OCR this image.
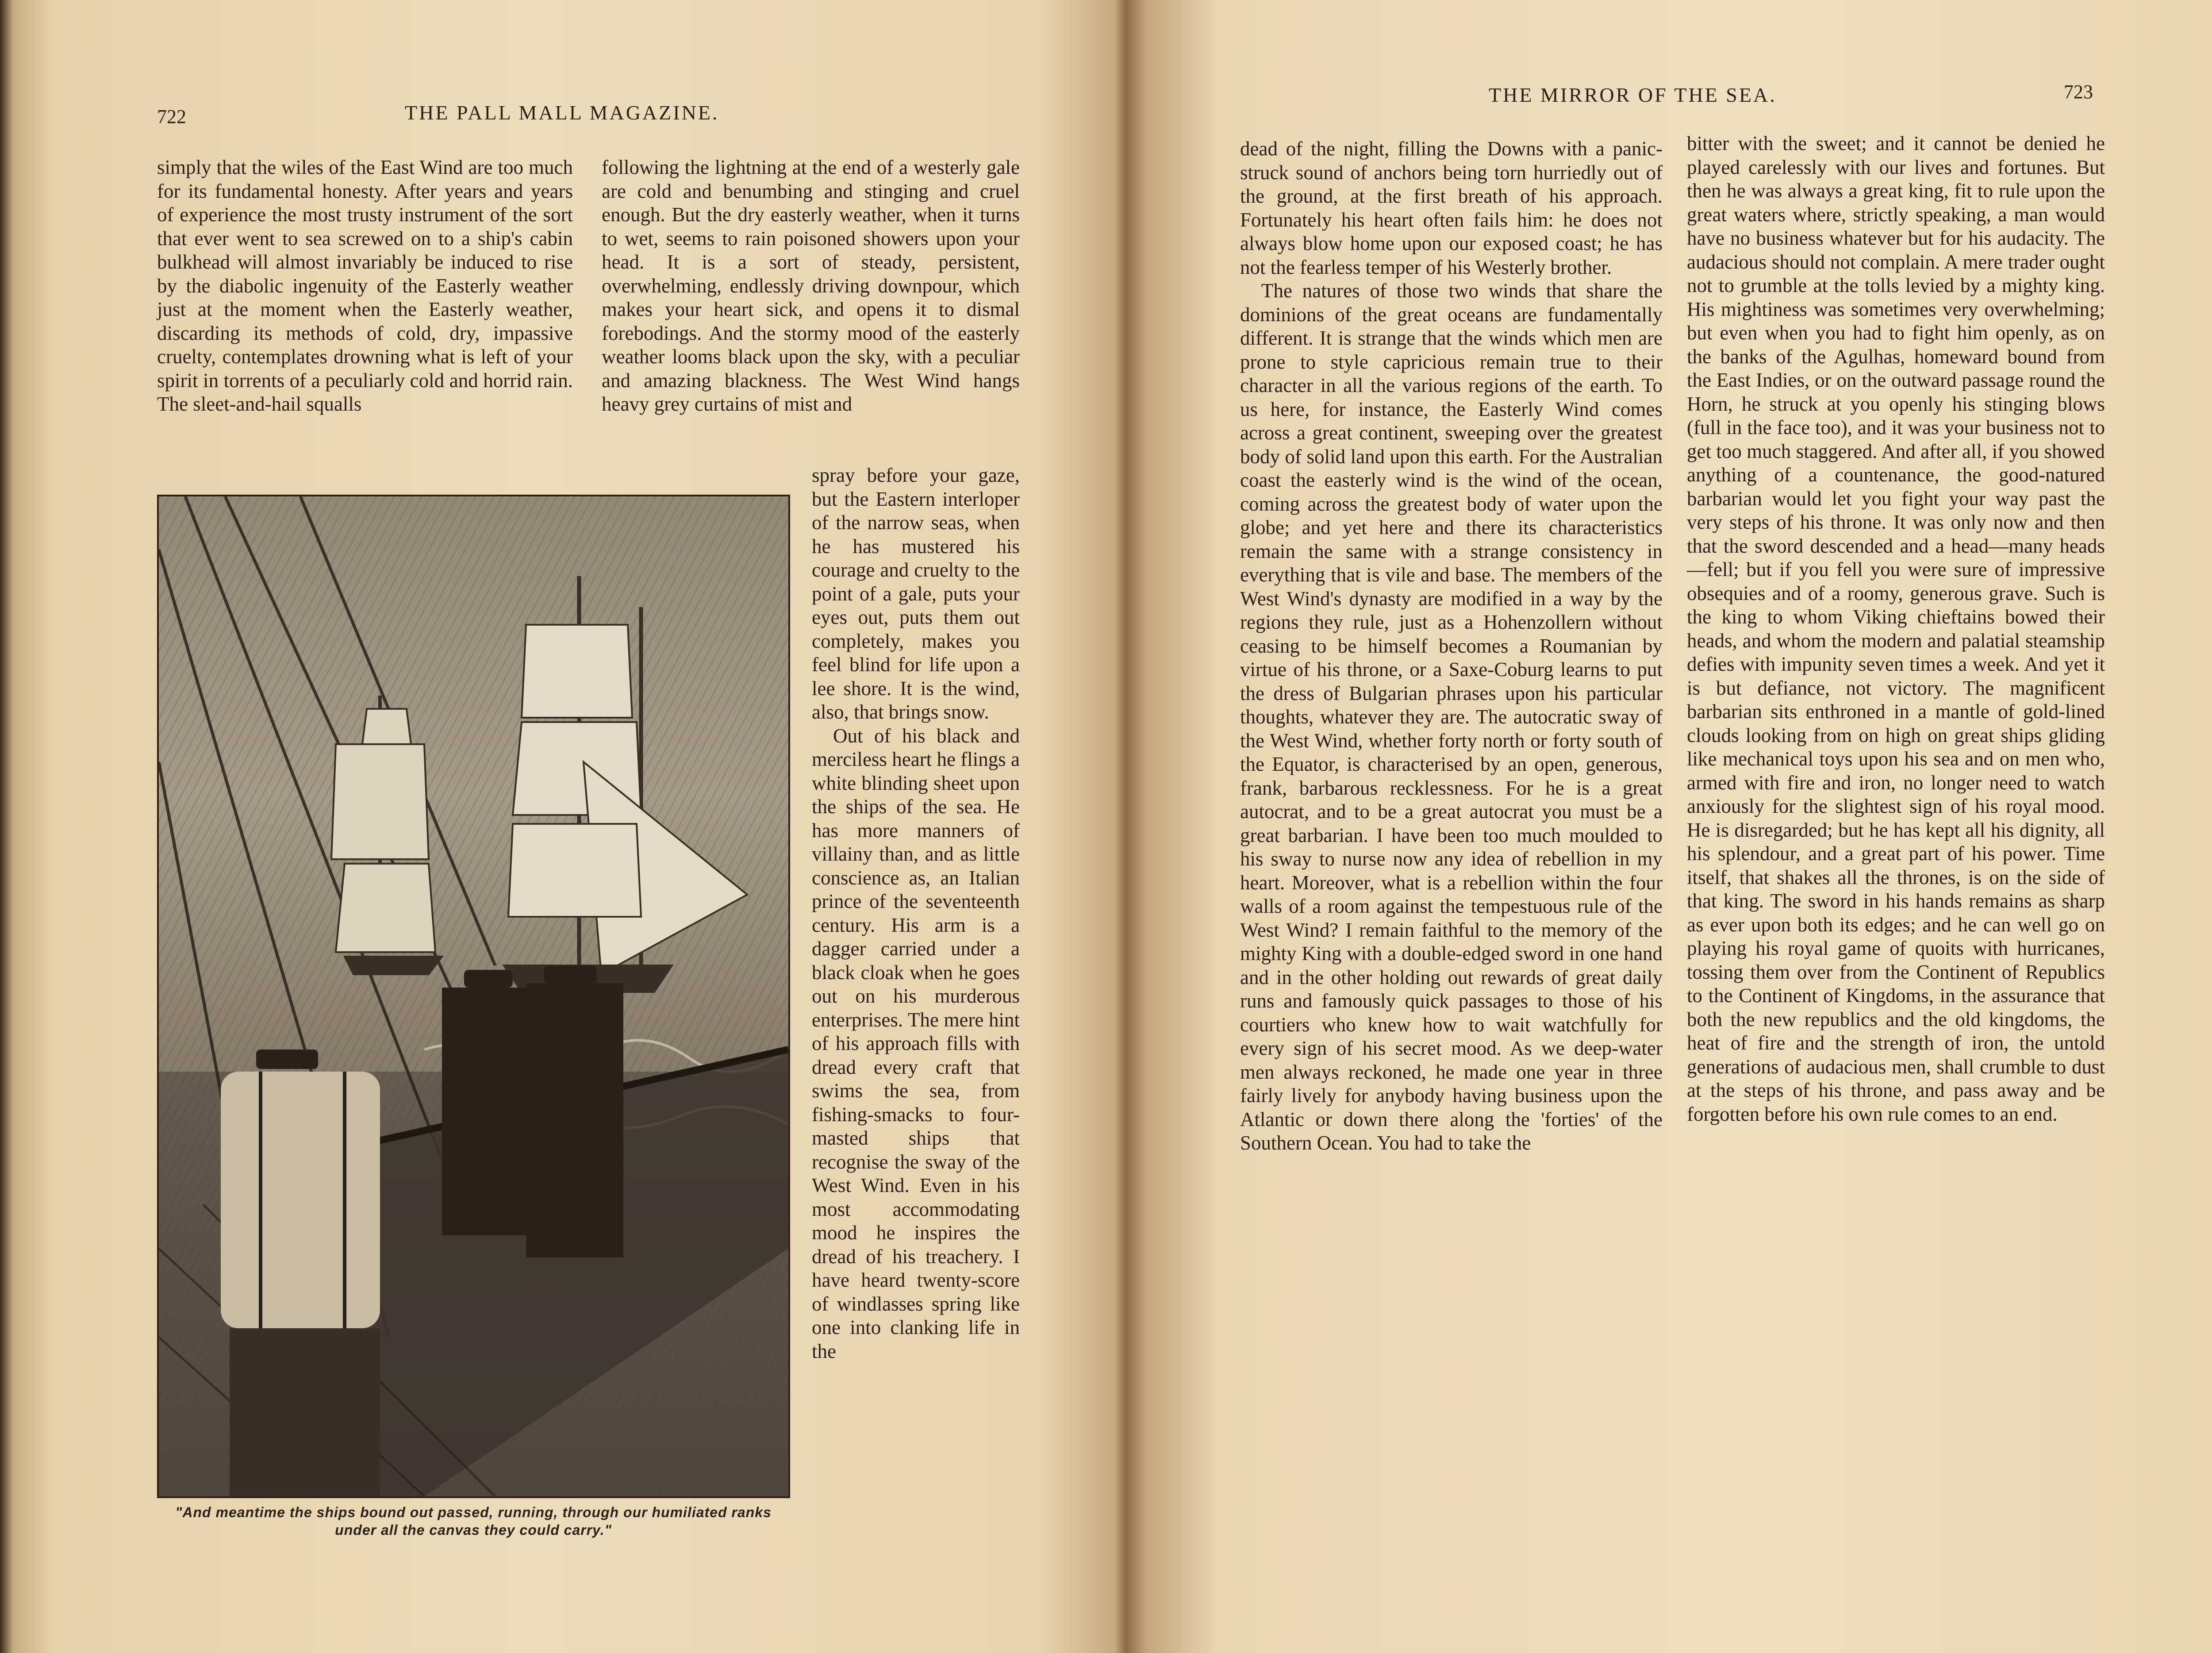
722	THE PALL MALL MAGAZINE.

simply that the wiles of the East Wind are too much for its fundamental honesty. After years and years of experience the most trusty instrument of the sort that ever went to sea screwed on to a ship's cabin bulkhead will almost invariably be induced to rise by the diabolic ingenuity of the Easterly weather just at the moment when the Easterly weather, discarding its methods of cold, dry, impassive cruelty, contemplates drowning what is left of your spirit in torrents of a peculiarly cold and horrid rain. The sleet-and-hail squalls

following the lightning at the end of a westerly gale are cold and benumbing and stinging and cruel enough. But the dry easterly weather, when it turns to wet, seems to rain poisoned showers upon your head. It is a sort of steady, persistent, overwhelming, endlessly driving downpour, which makes your heart sick, and opens it to dismal forebodings. And the stormy mood of the easterly weather looms black upon the sky, with a peculiar and amazing blackness. The West Wind hangs heavy grey curtains of mist and

spray before your gaze, but the Eastern interloper of the narrow seas, when he has mustered his courage and cruelty to the point of a gale, puts your eyes out, puts them out completely, makes you feel blind for life upon a lee shore. It is the wind, also, that brings snow.

Out of his black and merciless heart he flings a white blinding sheet upon the ships of the sea. He has more manners of villainy than, and as little conscience as, an Italian prince of the seventeenth century. His arm is a dagger carried under a black cloak when he goes out on his murderous enterprises. The mere hint of his approach fills with dread every craft that swims the sea, from fishing-smacks to four-masted ships that recognise the sway of the West Wind. Even in his most accommodating mood he inspires the dread of his treachery. I have heard twenty-score of windlasses spring like one into clanking life in the

"And meantime the ships bound out passed, running, through our humiliated ranks under all the canvas they could carry."
THE MIRROR OF THE SEA.	723

dead of the night, filling the Downs with a panic-struck sound of anchors being torn hurriedly out of the ground, at the first breath of his approach. Fortunately his heart often fails him: he does not always blow home upon our exposed coast; he has not the fearless temper of his Westerly brother.

The natures of those two winds that share the dominions of the great oceans are fundamentally different. It is strange that the winds which men are prone to style capricious remain true to their character in all the various regions of the earth. To us here, for instance, the Easterly Wind comes across a great continent, sweeping over the greatest body of solid land upon this earth. For the Australian coast the easterly wind is the wind of the ocean, coming across the greatest body of water upon the globe; and yet here and there its characteristics remain the same with a strange consistency in everything that is vile and base. The members of the West Wind's dynasty are modified in a way by the regions they rule, just as a Hohenzollern without ceasing to be himself becomes a Roumanian by virtue of his throne, or a Saxe-Coburg learns to put the dress of Bulgarian phrases upon his particular thoughts, whatever they are. The autocratic sway of the West Wind, whether forty north or forty south of the Equator, is characterised by an open, generous, frank, barbarous recklessness. For he is a great autocrat, and to be a great autocrat you must be a great barbarian. I have been too much moulded to his sway to nurse now any idea of rebellion in my heart. Moreover, what is a rebellion within the four walls of a room against the tempestuous rule of the West Wind? I remain faithful to the memory of the mighty King with a double-edged sword in one hand and in the other holding out rewards of great daily runs and famously quick passages to those of his courtiers who knew how to wait watchfully for every sign of his secret mood. As we deep-water men always reckoned, he made one year in three fairly lively for anybody having business upon the Atlantic or down there along the 'forties' of the Southern Ocean. You had to take the

bitter with the sweet; and it cannot be denied he played carelessly with our lives and fortunes. But then he was always a great king, fit to rule upon the great waters where, strictly speaking, a man would have no business whatever but for his audacity. The audacious should not complain. A mere trader ought not to grumble at the tolls levied by a mighty king. His mightiness was sometimes very overwhelming; but even when you had to fight him openly, as on the banks of the Agulhas, homeward bound from the East Indies, or on the outward passage round the Horn, he struck at you openly his stinging blows (full in the face too), and it was your business not to get too much staggered. And after all, if you showed anything of a countenance, the good-natured barbarian would let you fight your way past the very steps of his throne. It was only now and then that the sword descended and a head—many heads—fell; but if you fell you were sure of impressive obsequies and of a roomy, generous grave. Such is the king to whom Viking chieftains bowed their heads, and whom the modern and palatial steamship defies with impunity seven times a week. And yet it is but defiance, not victory. The magnificent barbarian sits enthroned in a mantle of gold-lined clouds looking from on high on great ships gliding like mechanical toys upon his sea and on men who, armed with fire and iron, no longer need to watch anxiously for the slightest sign of his royal mood. He is disregarded; but he has kept all his dignity, all his splendour, and a great part of his power. Time itself, that shakes all the thrones, is on the side of that king. The sword in his hands remains as sharp as ever upon both its edges; and he can well go on playing his royal game of quoits with hurricanes, tossing them over from the Continent of Republics to the Continent of Kingdoms, in the assurance that both the new republics and the old kingdoms, the heat of fire and the strength of iron, the untold generations of audacious men, shall crumble to dust at the steps of his throne, and pass away and be forgotten before his own rule comes to an end.
